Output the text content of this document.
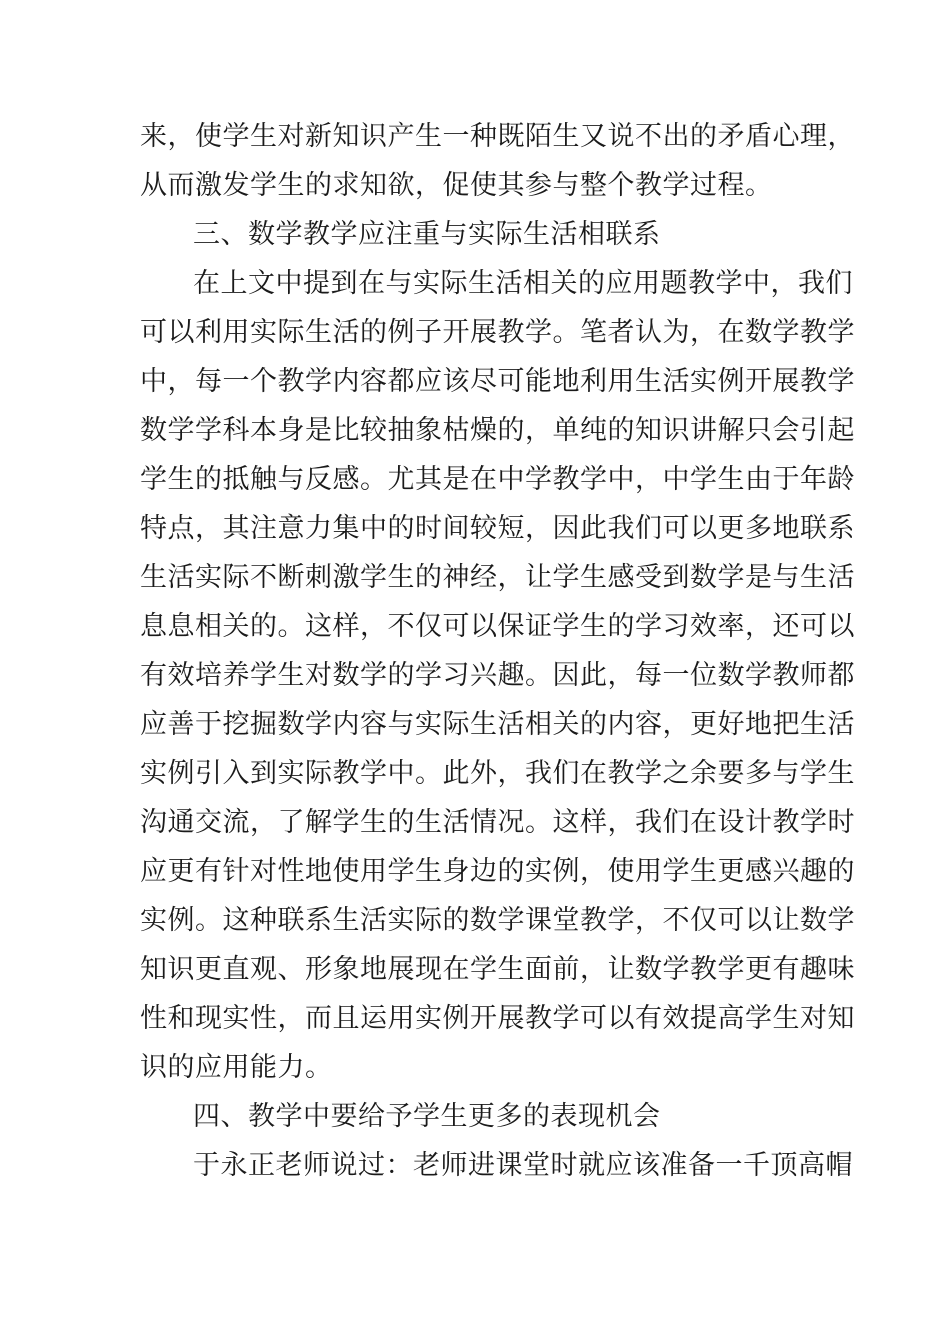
来，使学生对新知识产生一种既陌生又说不出的矛盾心理，
从而激发学生的求知欲，促使其参与整个教学过程。
三、数学教学应注重与实际生活相联系
在上文中提到在与实际生活相关的应用题教学中，我们
可以利用实际生活的例子开展教学。笔者认为，在数学教学
中，每一个教学内容都应该尽可能地利用生活实例开展教学
数学学科本身是比较抽象枯燥的，单纯的知识讲解只会引起
学生的抵触与反感。尤其是在中学教学中，中学生由于年龄
特点，其注意力集中的时间较短，因此我们可以更多地联系
生活实际不断刺激学生的神经，让学生感受到数学是与生活
息息相关的。这样，不仅可以保证学生的学习效率，还可以
有效培养学生对数学的学习兴趣。因此，每一位数学教师都
应善于挖掘数学内容与实际生活相关的内容，更好地把生活
实例引入到实际教学中。此外，我们在教学之余要多与学生
沟通交流，了解学生的生活情况。这样，我们在设计教学时
应更有针对性地使用学生身边的实例，使用学生更感兴趣的
实例。这种联系生活实际的数学课堂教学，不仅可以让数学
知识更直观、形象地展现在学生面前，让数学教学更有趣味
性和现实性，而且运用实例开展教学可以有效提高学生对知
识的应用能力。
四、教学中要给予学生更多的表现机会
于永正老师说过：老师进课堂时就应该准备一千顶高帽
